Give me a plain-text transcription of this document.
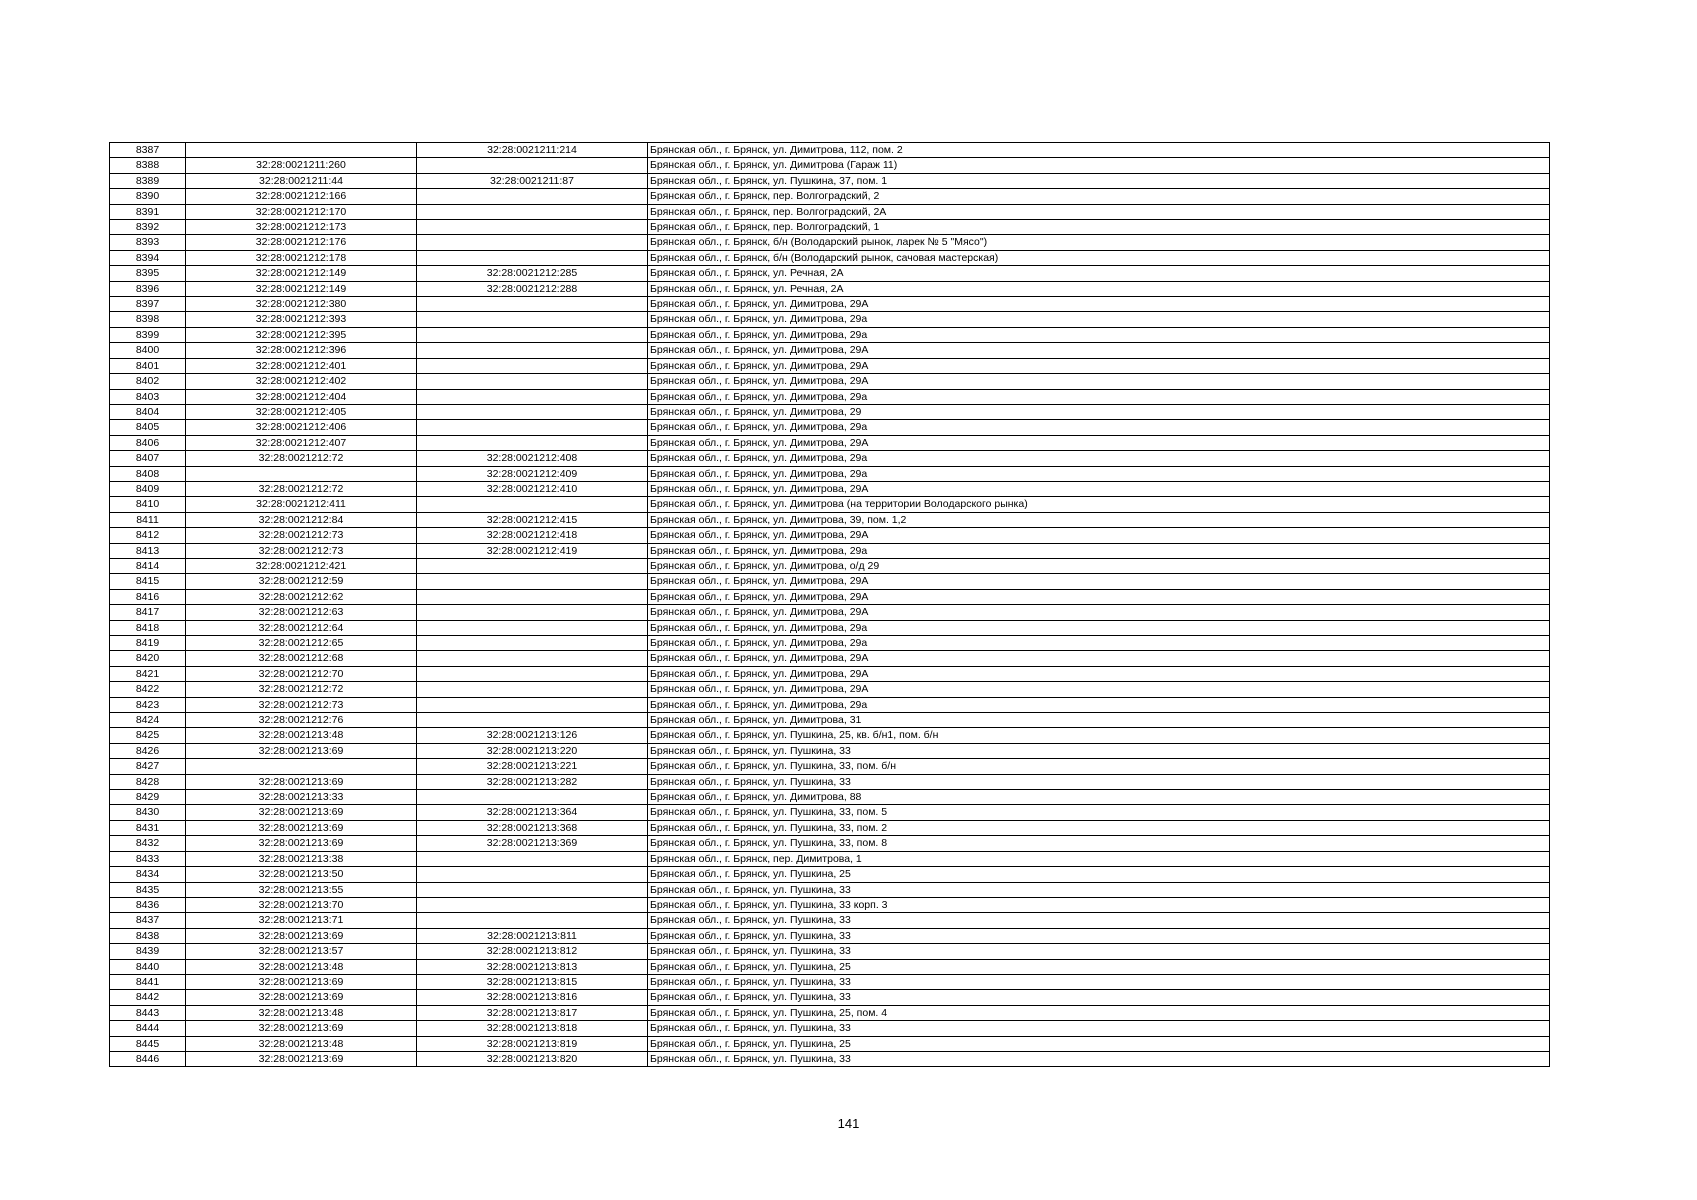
8387		32:28:0021211:214	Брянская обл., г. Брянск, ул. Димитрова, 112, пом. 2
8388	32:28:0021211:260		Брянская обл., г. Брянск, ул. Димитрова (Гараж 11)
8389	32:28:0021211:44	32:28:0021211:87	Брянская обл., г. Брянск, ул. Пушкина, 37, пом. 1
8390	32:28:0021212:166		Брянская обл., г. Брянск, пер. Волгоградский, 2
8391	32:28:0021212:170		Брянская обл., г. Брянск, пер. Волгоградский, 2А
8392	32:28:0021212:173		Брянская обл., г. Брянск, пер. Волгоградский, 1
8393	32:28:0021212:176		Брянская обл., г. Брянск, б/н (Володарский рынок, ларек № 5 "Мясо")
8394	32:28:0021212:178		Брянская обл., г. Брянск, б/н (Володарский рынок, сачовая мастерская)
8395	32:28:0021212:149	32:28:0021212:285	Брянская обл., г. Брянск, ул. Речная, 2А
8396	32:28:0021212:149	32:28:0021212:288	Брянская обл., г. Брянск, ул. Речная, 2А
8397	32:28:0021212:380		Брянская обл., г. Брянск, ул. Димитрова, 29А
8398	32:28:0021212:393		Брянская обл., г. Брянск, ул. Димитрова, 29а
8399	32:28:0021212:395		Брянская обл., г. Брянск, ул. Димитрова, 29а
8400	32:28:0021212:396		Брянская обл., г. Брянск, ул. Димитрова, 29А
8401	32:28:0021212:401		Брянская обл., г. Брянск, ул. Димитрова, 29А
8402	32:28:0021212:402		Брянская обл., г. Брянск, ул. Димитрова, 29А
8403	32:28:0021212:404		Брянская обл., г. Брянск, ул. Димитрова, 29а
8404	32:28:0021212:405		Брянская обл., г. Брянск, ул. Димитрова, 29
8405	32:28:0021212:406		Брянская обл., г. Брянск, ул. Димитрова, 29а
8406	32:28:0021212:407		Брянская обл., г. Брянск, ул. Димитрова, 29А
8407	32:28:0021212:72	32:28:0021212:408	Брянская обл., г. Брянск, ул. Димитрова, 29а
8408		32:28:0021212:409	Брянская обл., г. Брянск, ул. Димитрова, 29а
8409	32:28:0021212:72	32:28:0021212:410	Брянская обл., г. Брянск, ул. Димитрова, 29А
8410	32:28:0021212:411		Брянская обл., г. Брянск, ул. Димитрова (на территории Володарского рынка)
8411	32:28:0021212:84	32:28:0021212:415	Брянская обл., г. Брянск, ул. Димитрова, 39, пом. 1,2
8412	32:28:0021212:73	32:28:0021212:418	Брянская обл., г. Брянск, ул. Димитрова, 29А
8413	32:28:0021212:73	32:28:0021212:419	Брянская обл., г. Брянск, ул. Димитрова, 29а
8414	32:28:0021212:421		Брянская обл., г. Брянск, ул. Димитрова, о/д 29
8415	32:28:0021212:59		Брянская обл., г. Брянск, ул. Димитрова, 29А
8416	32:28:0021212:62		Брянская обл., г. Брянск, ул. Димитрова, 29А
8417	32:28:0021212:63		Брянская обл., г. Брянск, ул. Димитрова, 29А
8418	32:28:0021212:64		Брянская обл., г. Брянск, ул. Димитрова, 29а
8419	32:28:0021212:65		Брянская обл., г. Брянск, ул. Димитрова, 29а
8420	32:28:0021212:68		Брянская обл., г. Брянск, ул. Димитрова, 29А
8421	32:28:0021212:70		Брянская обл., г. Брянск, ул. Димитрова, 29А
8422	32:28:0021212:72		Брянская обл., г. Брянск, ул. Димитрова, 29А
8423	32:28:0021212:73		Брянская обл., г. Брянск, ул. Димитрова, 29а
8424	32:28:0021212:76		Брянская обл., г. Брянск, ул. Димитрова, 31
8425	32:28:0021213:48	32:28:0021213:126	Брянская обл., г. Брянск, ул. Пушкина, 25, кв. б/н1, пом. б/н
8426	32:28:0021213:69	32:28:0021213:220	Брянская обл., г. Брянск, ул. Пушкина, 33
8427		32:28:0021213:221	Брянская обл., г. Брянск, ул. Пушкина, 33, пом. б/н
8428	32:28:0021213:69	32:28:0021213:282	Брянская обл., г. Брянск, ул. Пушкина, 33
8429	32:28:0021213:33		Брянская обл., г. Брянск, ул. Димитрова, 88
8430	32:28:0021213:69	32:28:0021213:364	Брянская обл., г. Брянск, ул. Пушкина, 33, пом. 5
8431	32:28:0021213:69	32:28:0021213:368	Брянская обл., г. Брянск, ул. Пушкина, 33, пом. 2
8432	32:28:0021213:69	32:28:0021213:369	Брянская обл., г. Брянск, ул. Пушкина, 33, пом. 8
8433	32:28:0021213:38		Брянская обл., г. Брянск, пер. Димитрова, 1
8434	32:28:0021213:50		Брянская обл., г. Брянск, ул. Пушкина, 25
8435	32:28:0021213:55		Брянская обл., г. Брянск, ул. Пушкина, 33
8436	32:28:0021213:70		Брянская обл., г. Брянск, ул. Пушкина, 33 корп. 3
8437	32:28:0021213:71		Брянская обл., г. Брянск, ул. Пушкина, 33
8438	32:28:0021213:69	32:28:0021213:811	Брянская обл., г. Брянск, ул. Пушкина, 33
8439	32:28:0021213:57	32:28:0021213:812	Брянская обл., г. Брянск, ул. Пушкина, 33
8440	32:28:0021213:48	32:28:0021213:813	Брянская обл., г. Брянск, ул. Пушкина, 25
8441	32:28:0021213:69	32:28:0021213:815	Брянская обл., г. Брянск, ул. Пушкина, 33
8442	32:28:0021213:69	32:28:0021213:816	Брянская обл., г. Брянск, ул. Пушкина, 33
8443	32:28:0021213:48	32:28:0021213:817	Брянская обл., г. Брянск, ул. Пушкина, 25, пом. 4
8444	32:28:0021213:69	32:28:0021213:818	Брянская обл., г. Брянск, ул. Пушкина, 33
8445	32:28:0021213:48	32:28:0021213:819	Брянская обл., г. Брянск, ул. Пушкина, 25
8446	32:28:0021213:69	32:28:0021213:820	Брянская обл., г. Брянск, ул. Пушкина, 33
141
